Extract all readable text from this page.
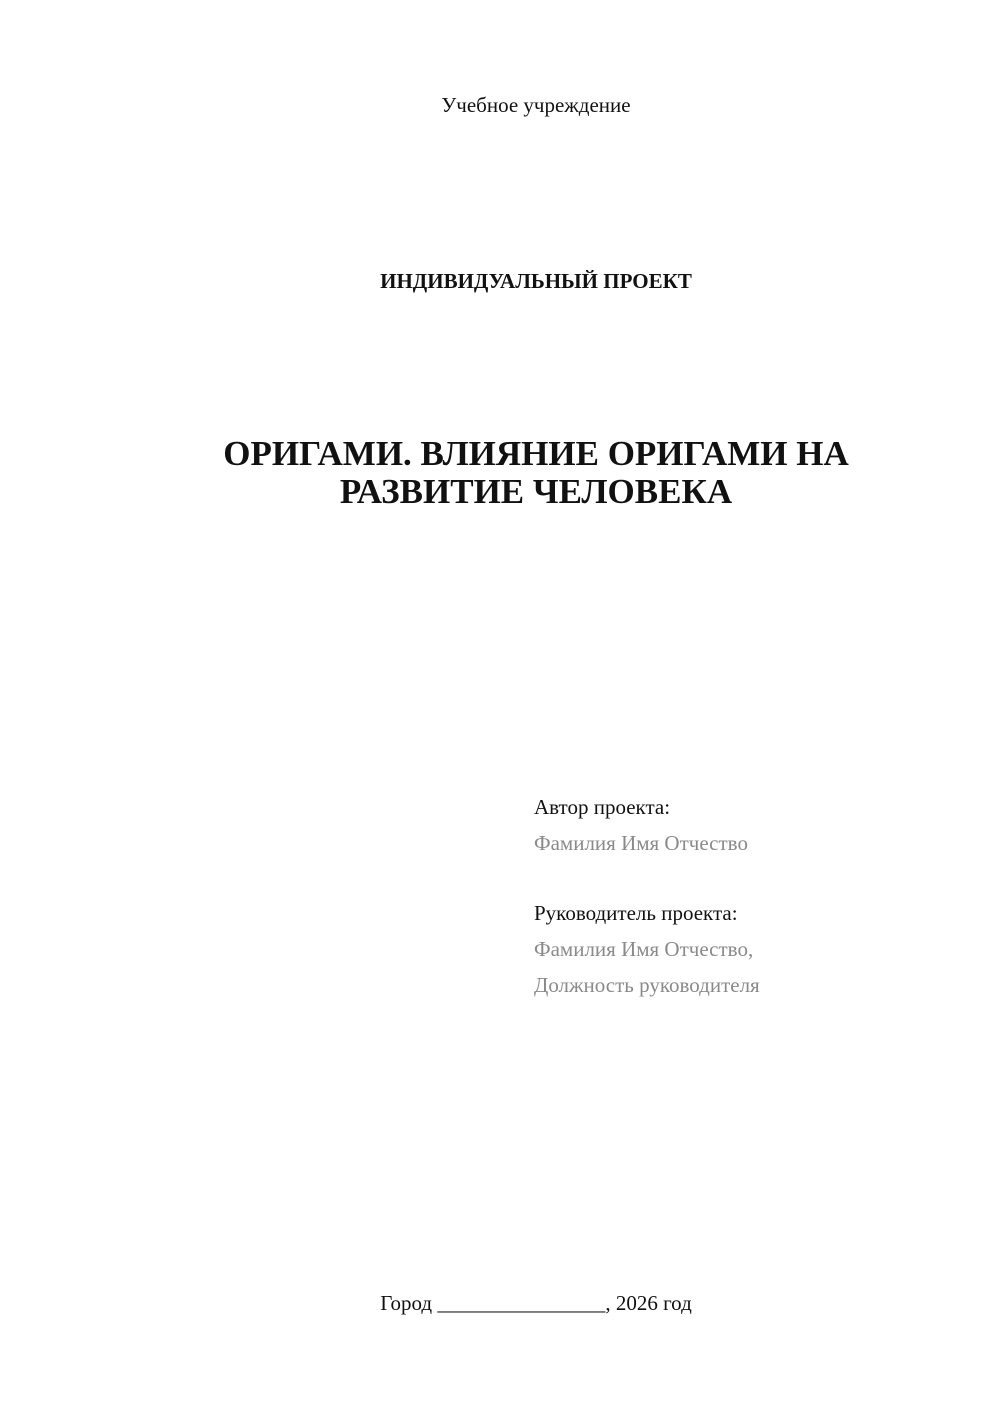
Учебное учреждение
ИНДИВИДУАЛЬНЫЙ ПРОЕКТ
ОРИГАМИ. ВЛИЯНИЕ ОРИГАМИ НА
РАЗВИТИЕ ЧЕЛОВЕКА
Автор проекта:
Фамилия Имя Отчество
Руководитель проекта:
Фамилия Имя Отчество,
Должность руководителя
Город ________________, 2026 год
